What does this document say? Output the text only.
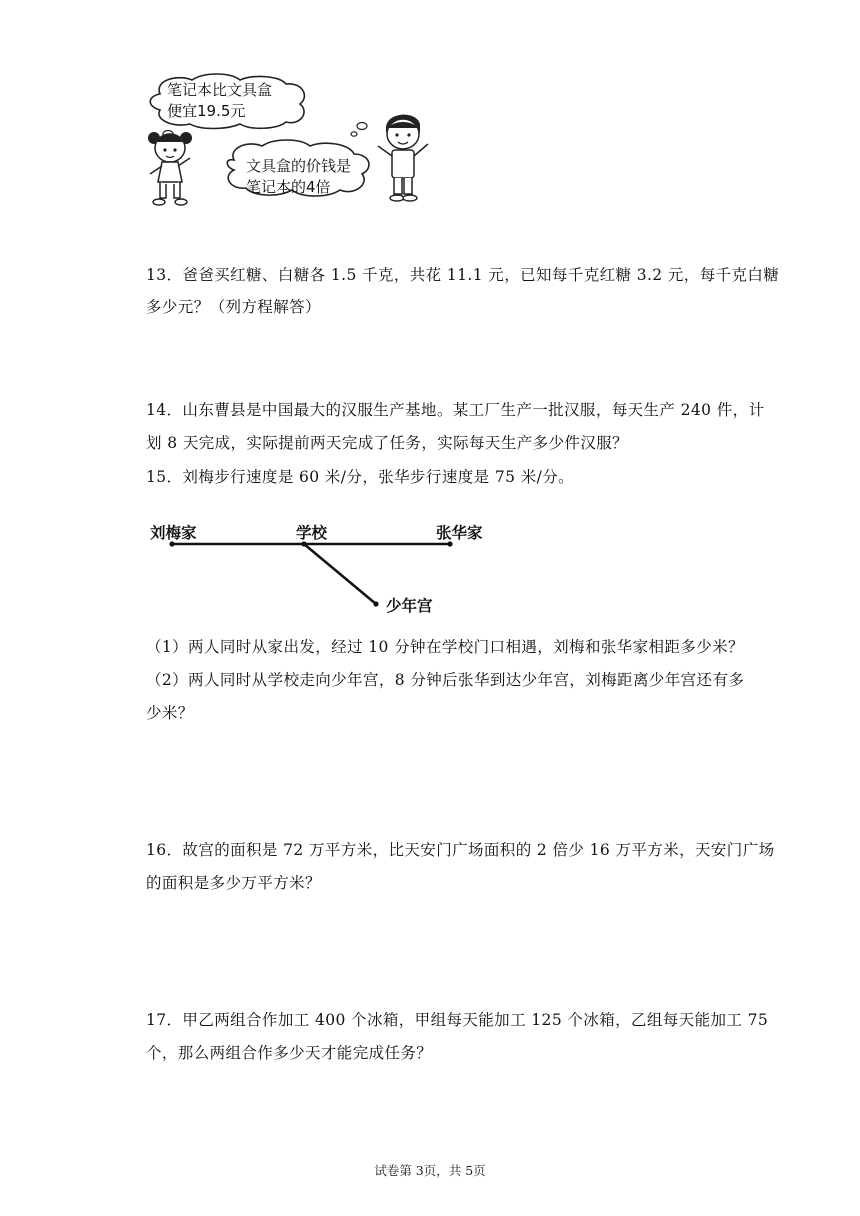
笔记本比文具盒
便宜19.5元
文具盒的价钱是
笔记本的4倍
13．爸爸买红糖、白糖各 1.5 千克，共花 11.1 元，已知每千克红糖 3.2 元，每千克白糖
多少元？（列方程解答）
14．山东曹县是中国最大的汉服生产基地。某工厂生产一批汉服，每天生产 240 件，计
划 8 天完成，实际提前两天完成了任务，实际每天生产多少件汉服？
15．刘梅步行速度是 60 米/分，张华步行速度是 75 米/分。
刘梅家	学校	张华家
少年宫
（1）两人同时从家出发，经过 10 分钟在学校门口相遇，刘梅和张华家相距多少米？
（2）两人同时从学校走向少年宫，8 分钟后张华到达少年宫，刘梅距离少年宫还有多
少米？
16．故宫的面积是 72 万平方米，比天安门广场面积的 2 倍少 16 万平方米，天安门广场
的面积是多少万平方米？
17．甲乙两组合作加工 400 个冰箱，甲组每天能加工 125 个冰箱，乙组每天能加工 75
个，那么两组合作多少天才能完成任务？
试卷第 3页，共 5页
